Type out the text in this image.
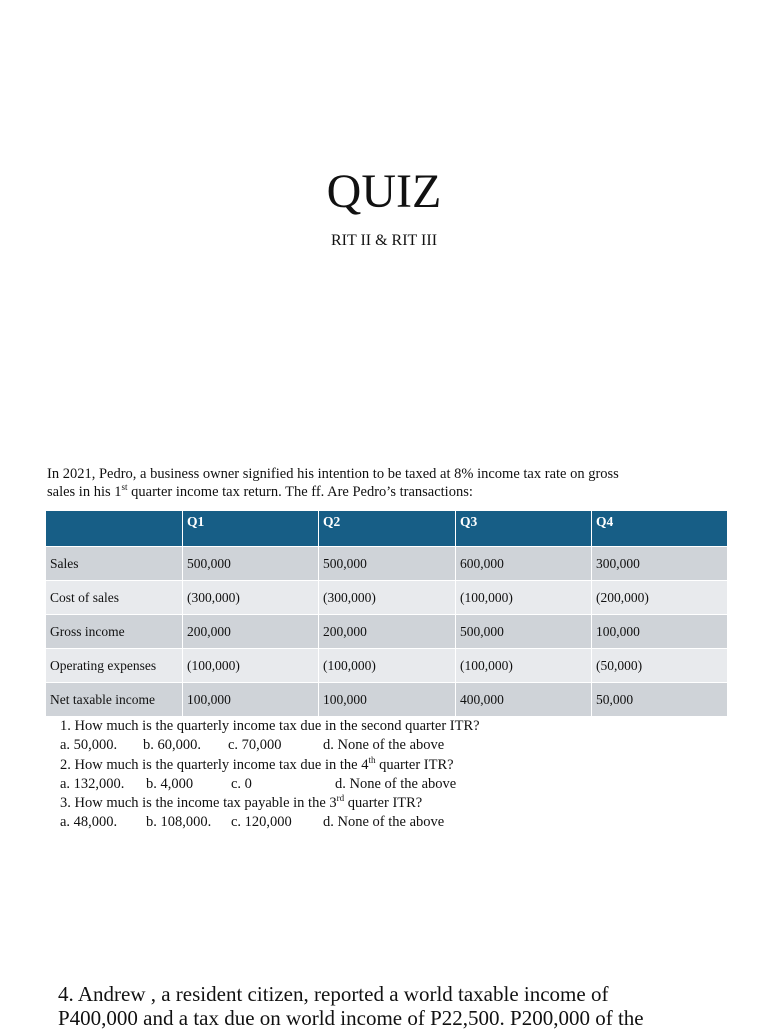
QUIZ
RIT II & RIT III
In 2021, Pedro, a business owner signified his intention to be taxed at 8% income tax rate on gross
sales in his 1st quarter income tax return. The ff. Are Pedro’s transactions:
	Q1	Q2	Q3	Q4
Sales	500,000	500,000	600,000	300,000
Cost of sales	(300,000)	(300,000)	(100,000)	(200,000)
Gross income	200,000	200,000	500,000	100,000
Operating expenses	(100,000)	(100,000)	(100,000)	(50,000)
Net taxable income	100,000	100,000	400,000	50,000
1. How much is the quarterly income tax due in the second quarter ITR?
a. 50,000. b. 60,000. c. 70,000	d. None of the above
2. How much is the quarterly income tax due in the 4th quarter ITR?
a. 132,000. b. 4,000	c. 0	d. None of the above
3. How much is the income tax payable in the 3rd quarter ITR?
a. 48,000. b. 108,000. c. 120,000 d. None of the above
4. Andrew , a resident citizen, reported a world taxable income of
P400,000 and a tax due on world income of P22,500. P200,000 of the
